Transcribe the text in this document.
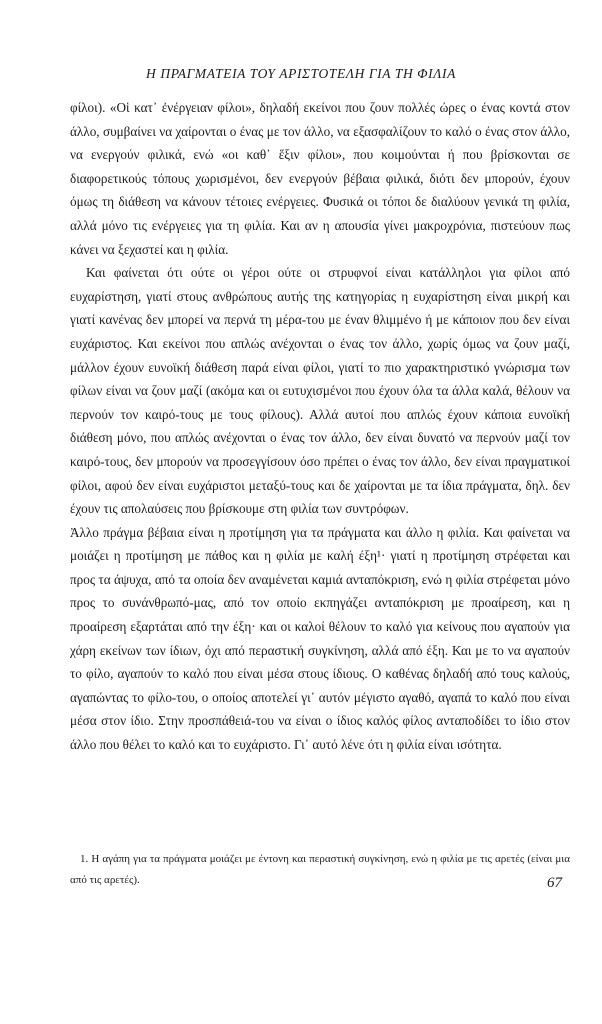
Η ΠΡΑΓΜΑΤΕΙΑ ΤΟΥ ΑΡΙΣΤΟΤΕΛΗ ΓΙΑ ΤΗ ΦΙΛΙΑ

φίλοι). «Οἱ κατ᾽ ἐνέργειαν φίλοι», δηλαδή εκείνοι που ζουν πολλές ώρες ο ένας κοντά στον άλλο, συμβαίνει να χαίρονται ο ένας με τον άλλο, να εξασφαλίζουν το καλό ο ένας στον άλλο, να ενεργούν φιλικά, ενώ «οι καθ᾽ ἕξιν φίλοι», που κοιμούνται ή που βρίσκονται σε διαφορετικούς τόπους χωρισμένοι, δεν ενεργούν βέβαια φιλικά, διότι δεν μπορούν, έχουν όμως τη διάθεση να κάνουν τέτοιες ενέργειες. Φυσικά οι τόποι δε διαλύουν γενικά τη φιλία, αλλά μόνο τις ενέργειες για τη φιλία. Και αν η απουσία γίνει μακροχρόνια, πιστεύουν πως κάνει να ξεχαστεί και η φιλία.

Και φαίνεται ότι ούτε οι γέροι ούτε οι στρυφνοί είναι κατάλληλοι για φίλοι από ευχαρίστηση, γιατί στους ανθρώπους αυτής της κατηγορίας η ευχαρίστηση είναι μικρή και γιατί κανένας δεν μπορεί να περνά τη μέρα-του με έναν θλιμμένο ή με κάποιον που δεν είναι ευχάριστος. Και εκείνοι που απλώς ανέχονται ο ένας τον άλλο, χωρίς όμως να ζουν μαζί, μάλλον έχουν ευνοϊκή διάθεση παρά είναι φίλοι, γιατί το πιο χαρακτηριστικό γνώρισμα των φίλων είναι να ζουν μαζί (ακόμα και οι ευτυχισμένοι που έχουν όλα τα άλλα καλά, θέλουν να περνούν τον καιρό-τους με τους φίλους). Αλλά αυτοί που απλώς έχουν κάποια ευνοϊκή διάθεση μόνο, που απλώς ανέχονται ο ένας τον άλλο, δεν είναι δυνατό να περνούν μαζί τον καιρό-τους, δεν μπορούν να προσεγγίσουν όσο πρέπει ο ένας τον άλλο, δεν είναι πραγματικοί φίλοι, αφού δεν είναι ευχάριστοι μεταξύ-τους και δε χαίρονται με τα ίδια πράγματα, δηλ. δεν έχουν τις απολαύσεις που βρίσκουμε στη φιλία των συντρόφων.

Ἀλλο πράγμα βέβαια είναι η προτίμηση για τα πράγματα και άλλο η φιλία. Και φαίνεται να μοιάζει η προτίμηση με πάθος και η φιλία με καλή έξη¹· γιατί η προτίμηση στρέφεται και προς τα άψυχα, από τα οποία δεν αναμένεται καμιά ανταπόκριση, ενώ η φιλία στρέφεται μόνο προς το συνάνθρωπό-μας, από τον οποίο εκπηγάζει ανταπόκριση με προαίρεση, και η προαίρεση εξαρτάται από την έξη· και οι καλοί θέλουν το καλό για κείνους που αγαπούν για χάρη εκείνων των ίδιων, όχι από περαστική συγκίνηση, αλλά από έξη. Και με το να αγαπούν το φίλο, αγαπούν το καλό που είναι μέσα στους ίδιους. Ο καθένας δηλαδή από τους καλούς, αγαπώντας το φίλο-του, ο οποίος αποτελεί γι᾽ αυτόν μέγιστο αγαθό, αγαπά το καλό που είναι μέσα στον ίδιο. Στην προσπάθειά-του να είναι ο ίδιος καλός φίλος ανταποδίδει το ίδιο στον άλλο που θέλει το καλό και το ευχάριστο. Γι᾽ αυτό λένε ότι η φιλία είναι ισότητα.

1. Η αγάπη για τα πράγματα μοιάζει με έντονη και περαστική συγκίνηση, ενώ η φιλία με τις αρετές (είναι μια από τις αρετές).	67
